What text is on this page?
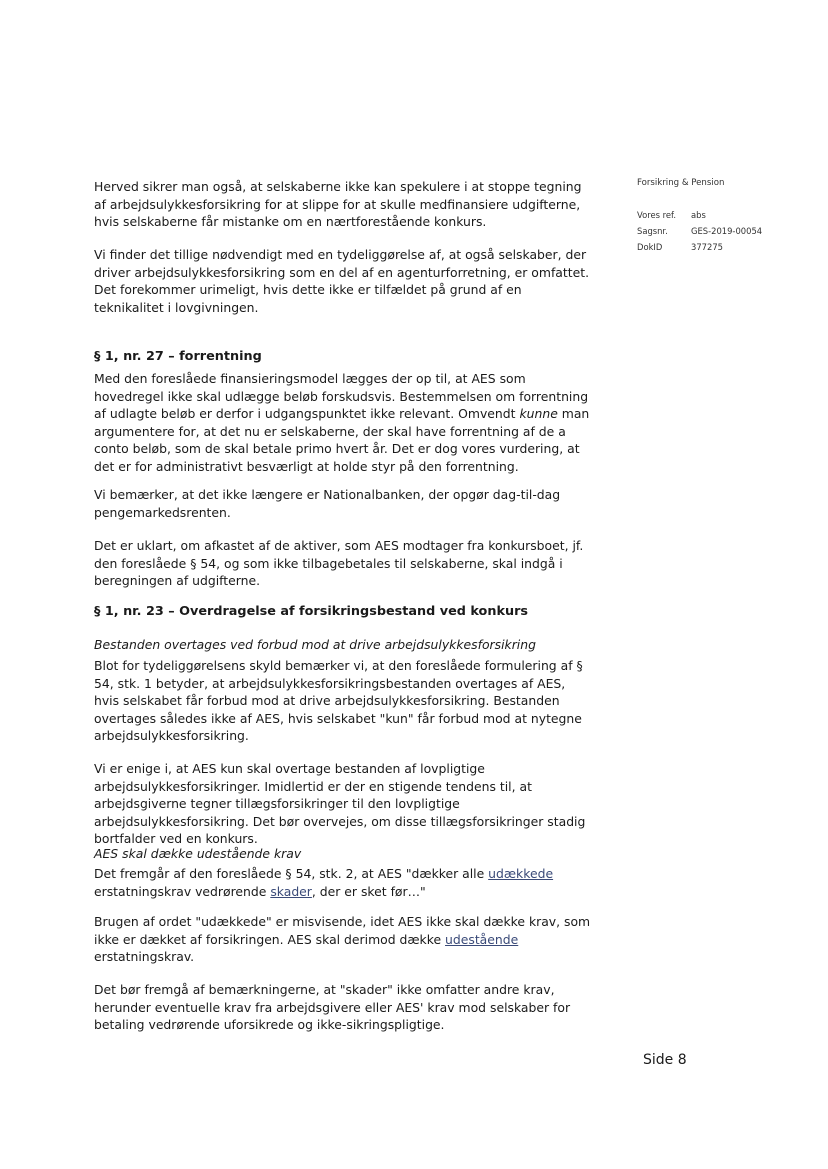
Forsikring & Pension
Vores ref. abs
Sagsnr.	GES-2019-00054
DokID	377275

Herved sikrer man også, at selskaberne ikke kan spekulere i at stoppe tegning af arbejdsulykkesforsikring for at slippe for at skulle medfinansiere udgifterne, hvis selskaberne får mistanke om en nærtforestående konkurs.

Vi finder det tillige nødvendigt med en tydeliggørelse af, at også selskaber, der driver arbejdsulykkesforsikring som en del af en agenturforretning, er omfattet. Det forekommer urimeligt, hvis dette ikke er tilfældet på grund af en teknikalitet i lovgivningen.

§ 1, nr. 27 – forrentning

Med den foreslåede finansieringsmodel lægges der op til, at AES som hovedregel ikke skal udlægge beløb forskudsvis. Bestemmelsen om forrentning af udlagte beløb er derfor i udgangspunktet ikke relevant. Omvendt kunne man argumentere for, at det nu er selskaberne, der skal have forrentning af de a conto beløb, som de skal betale primo hvert år. Det er dog vores vurdering, at det er for administrativt besværligt at holde styr på den forrentning.

Vi bemærker, at det ikke længere er Nationalbanken, der opgør dag-til-dag pengemarkedsrenten.

Det er uklart, om afkastet af de aktiver, som AES modtager fra konkursboet, jf. den foreslåede § 54, og som ikke tilbagebetales til selskaberne, skal indgå i beregningen af udgifterne.

§ 1, nr. 23 – Overdragelse af forsikringsbestand ved konkurs
Bestanden overtages ved forbud mod at drive arbejdsulykkesforsikring

Blot for tydeliggørelsens skyld bemærker vi, at den foreslåede formulering af § 54, stk. 1 betyder, at arbejdsulykkesforsikringsbestanden overtages af AES, hvis selskabet får forbud mod at drive arbejdsulykkesforsikring. Bestanden overtages således ikke af AES, hvis selskabet "kun" får forbud mod at nytegne arbejdsulykkesforsikring.

Vi er enige i, at AES kun skal overtage bestanden af lovpligtige arbejdsulykkesforsikringer. Imidlertid er der en stigende tendens til, at arbejdsgiverne tegner tillægsforsikringer til den lovpligtige arbejdsulykkesforsikring. Det bør overvejes, om disse tillægsforsikringer stadig bortfalder ved en konkurs.

AES skal dække udestående krav

Det fremgår af den foreslåede § 54, stk. 2, at AES "dækker alle udækkede erstatningskrav vedrørende skader, der er sket før…"

Brugen af ordet "udækkede" er misvisende, idet AES ikke skal dække krav, som ikke er dækket af forsikringen. AES skal derimod dække udestående erstatningskrav.

Det bør fremgå af bemærkningerne, at "skader" ikke omfatter andre krav, herunder eventuelle krav fra arbejdsgivere eller AES' krav mod selskaber for betaling vedrørende uforsikrede og ikke-sikringspligtige.

Side 8
